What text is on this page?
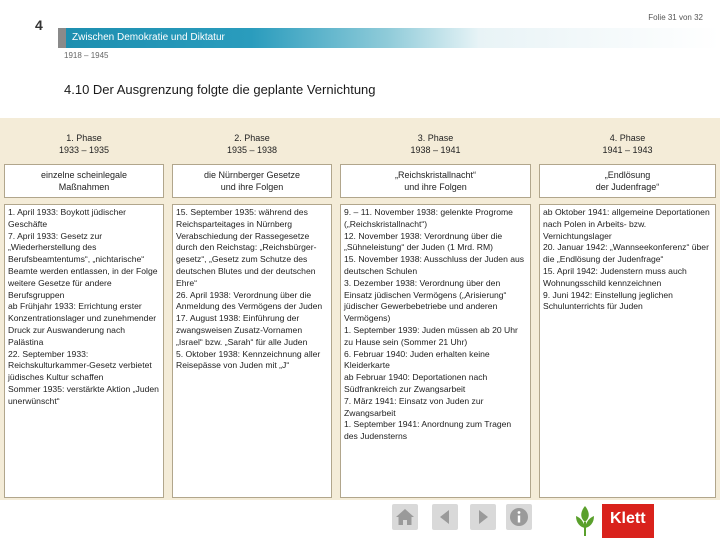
4	Folie 31 von 32
Zwischen Demokratie und Diktatur
1918 – 1945
4.10 Der Ausgrenzung folgte die geplante Vernichtung
1. Phase
1933 – 1935
einzelne scheinlegale
Maßnahmen
1. April 1933: Boykott jüdischer Geschäfte
7. April 1933: Gesetz zur „Wiederherstellung des Berufsbeamtentums“, „nichtarische“ Beamte werden entlassen, in der Folge weitere Gesetze für andere Berufsgruppen
ab Frühjahr 1933: Errichtung erster Konzentrationslager und zunehmender Druck zur Auswanderung nach Palästina
22. September 1933: Reichskulturkammer-Gesetz verbietet jüdisches Kultur schaffen
Sommer 1935: verstärkte Aktion „Juden unerwünscht“
2. Phase
1935 – 1938
die Nürnberger Gesetze
und ihre Folgen
15. September 1935: während des Reichsparteitages in Nürnberg Verabschiedung der Rassegesetze durch den Reichstag: „Reichsbürger-gesetz“, „Gesetz zum Schutze des deutschen Blutes und der deutschen Ehre“
26. April 1938: Verordnung über die Anmeldung des Vermögens der Juden
17. August 1938: Einführung der zwangsweisen Zusatz-Vornamen „Israel“ bzw. „Sarah“ für alle Juden
5. Oktober 1938: Kennzeichnung aller Reisepässe von Juden mit „J“
3. Phase
1938 – 1941
„Reichskristallnacht“
und ihre Folgen
9. – 11. November 1938: gelenkte Progrome („Reichskristallnacht“)
12. November 1938: Verordnung über die „Sühneleistung“ der Juden (1 Mrd. RM)
15. November 1938: Ausschluss der Juden aus deutschen Schulen
3. Dezember 1938: Verordnung über den Einsatz jüdischen Vermögens („Arisierung“ jüdischer Gewerbebetriebe und anderen Vermögens)
1. September 1939: Juden müssen ab 20 Uhr zu Hause sein (Sommer 21 Uhr)
6. Februar 1940: Juden erhalten keine Kleiderkarte
ab Februar 1940: Deportationen nach Südfrankreich zur Zwangsarbeit
7. März 1941: Einsatz von Juden zur Zwangsarbeit
1. September 1941: Anordnung zum Tragen des Judensterns
4. Phase
1941 – 1943
„Endlösung
der Judenfrage“
ab Oktober 1941: allgemeine Deportationen nach Polen in Arbeits- bzw. Vernichtungslager
20. Januar 1942: „Wannseekonferenz“ über die „Endlösung der Judenfrage“
15. April 1942: Judenstern muss auch Wohnungsschild kennzeichnen
9. Juni 1942: Einstellung jeglichen Schulunterrichts für Juden
Klett
